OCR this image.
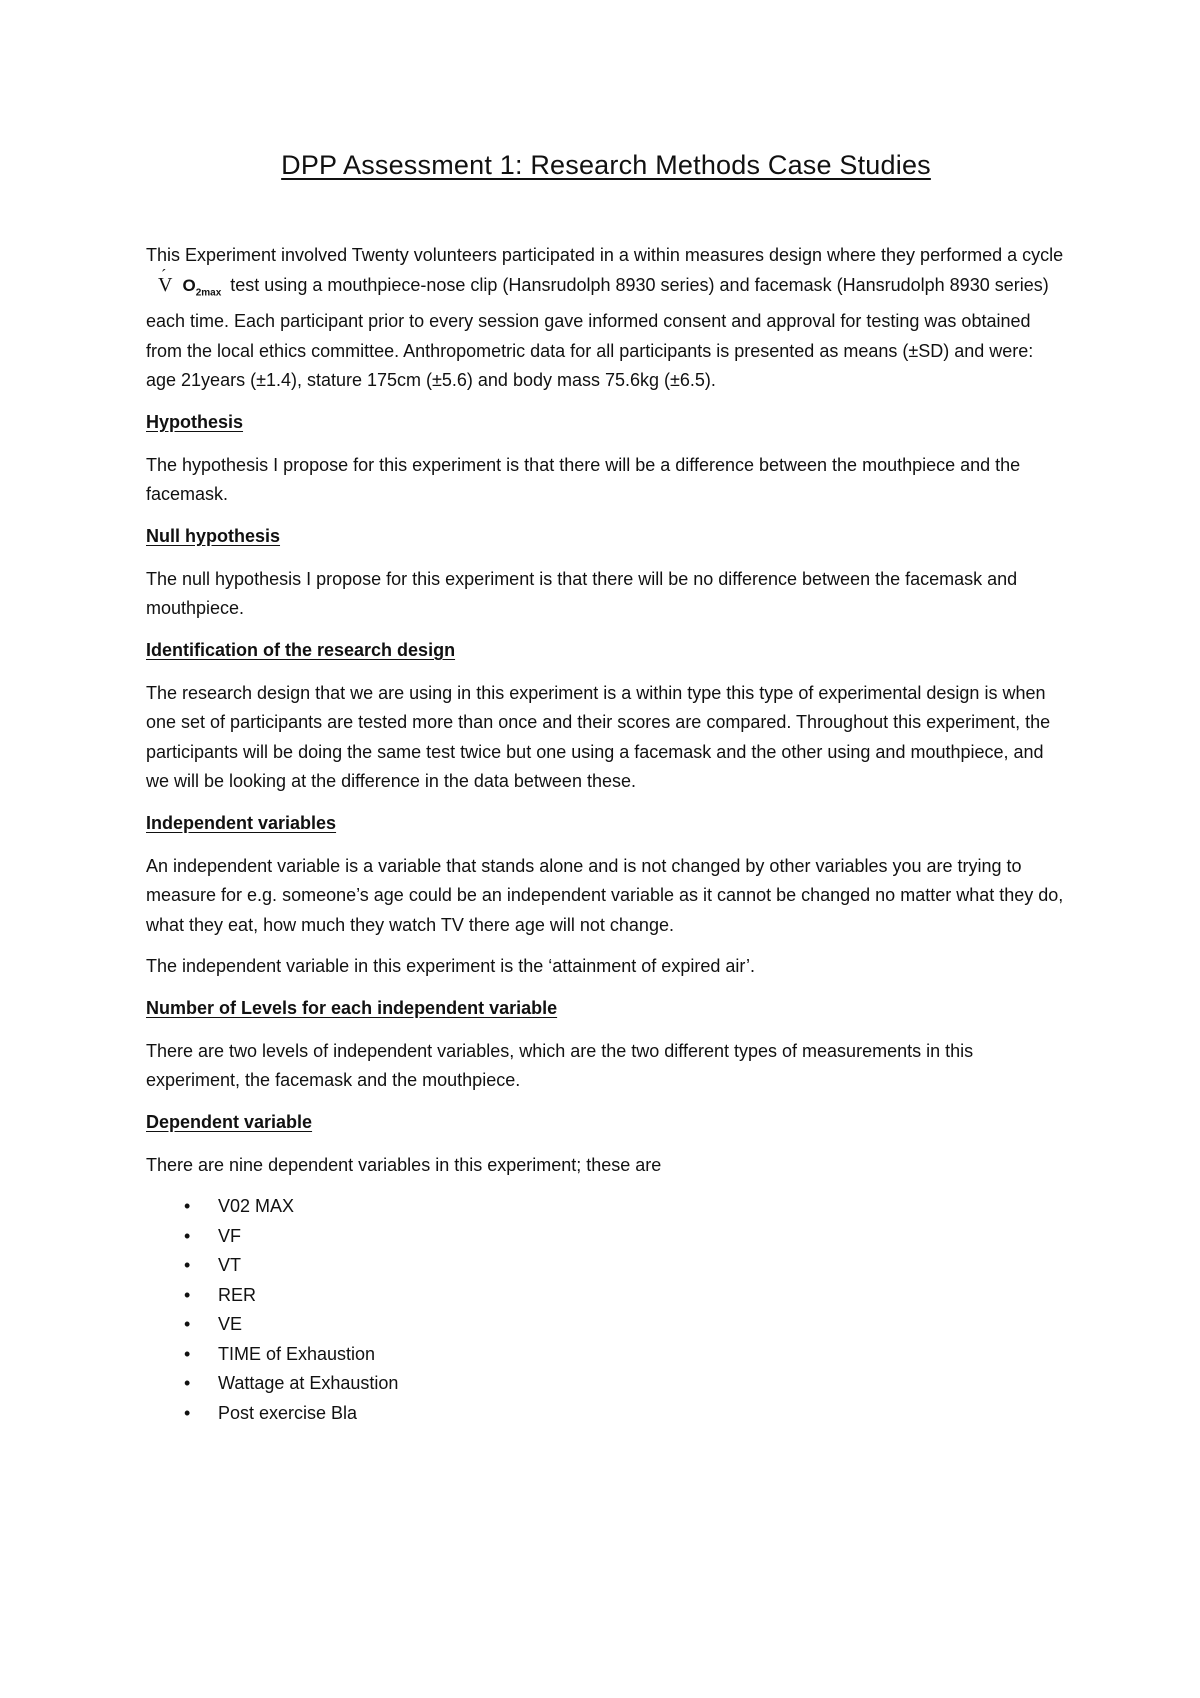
DPP Assessment 1: Research Methods Case Studies

This Experiment involved Twenty volunteers participated in a within measures design where they performed a cycle ´ V $O_{2max}$ test using a mouthpiece-nose clip (Hansrudolph 8930 series) and facemask (Hansrudolph 8930 series) each time. Each participant prior to every session gave informed consent and approval for testing was obtained from the local ethics committee. Anthropometric data for all participants is presented as means (±SD) and were: age 21years (±1.4), stature 175cm (±5.6) and body mass 75.6kg (±6.5).

Hypothesis

The hypothesis I propose for this experiment is that there will be a difference between the mouthpiece and the facemask.

Null hypothesis

The null hypothesis I propose for this experiment is that there will be no difference between the facemask and mouthpiece.

Identification of the research design

The research design that we are using in this experiment is a within type this type of experimental design is when one set of participants are tested more than once and their scores are compared. Throughout this experiment, the participants will be doing the same test twice but one using a facemask and the other using and mouthpiece, and we will be looking at the difference in the data between these.

Independent variables

An independent variable is a variable that stands alone and is not changed by other variables you are trying to measure for e.g. someone’s age could be an independent variable as it cannot be changed no matter what they do, what they eat, how much they watch TV there age will not change.

The independent variable in this experiment is the ‘attainment of expired air’.

Number of Levels for each independent variable

There are two levels of independent variables, which are the two different types of measurements in this experiment, the facemask and the mouthpiece.

Dependent variable

There are nine dependent variables in this experiment; these are

• V02 MAX
• VF
• VT
• RER
• VE
• TIME of Exhaustion
• Wattage at Exhaustion
• Post exercise Bla
